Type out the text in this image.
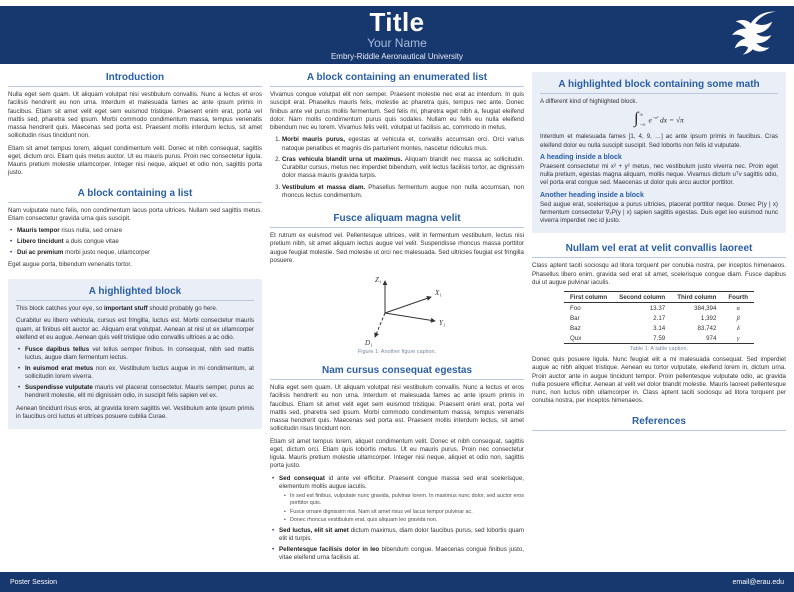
Title
Your Name
Embry-Riddle Aeronautical University
Introduction

Nulla eget sem quam. Ut aliquam volutpat nisi vestibulum convallis. Nunc a lectus et eros facilisis hendrerit eu non urna. Interdum et malesuada fames ac ante ipsum primis in faucibus. Etiam sit amet velit eget sem euismod tristique. Praesent enim erat, porta vel mattis sed, pharetra sed ipsum. Morbi commodo condimentum massa, tempus venenatis massa hendrerit quis. Maecenas sed porta est. Praesent mollis interdum lectus, sit amet sollicitudin risus tincidunt non.

Etiam sit amet tempus lorem, aliquet condimentum velit. Donec et nibh consequat, sagittis eget, dictum orci. Etiam quis metus auctor. Ut eu mauris purus. Proin nec consectetur ligula. Mauris pretium molestie ullamcorper. Integer nisi neque, aliquet et odio non, sagittis porta justo.

A block containing a list

Nam vulputate nunc felis, non condimentum lacus porta ultrices. Nullam sed sagittis metus. Etiam consectetur gravida urna quis suscipit.

• Mauris tempor risus nulla, sed ornare
• Libero tincidunt a duis congue vitae
• Dui ac premium morbi justo neque, ullamcorper

Eget augue porta, bibendum venenatis tortor.

A highlighted block

This block catches your eye, so important stuff should probably go here.

Curabitur eu libero vehicula, cursus est fringilla, luctus est. Morbi consectetur mauris quam, at finibus elit auctor ac. Aliquam erat volutpat. Aenean at nisl ut ex ullamcorper eleifend et eu augue. Aenean quis velit tristique odio convallis ultrices a ac odio.

• Fusce dapibus tellus vel tellus semper finibus. In consequat, nibh sed mattis luctus, augue diam fermentum lectus.
• In euismod erat metus non ex. Vestibulum luctus augue in mi condimentum, at sollicitudin lorem viverra.
• Suspendisse vulputate mauris vel placerat consectetur. Mauris semper, purus ac hendrerit molestie, elit mi dignissim odio, in suscipit felis sapien vel ex.

Aenean tincidunt risus eros, at gravida lorem sagittis vel. Vestibulum ante ipsum primis in faucibus orci luctus et ultrices posuere cubilia Curae.

A block containing an enumerated list

Vivamus congue volutpat elit non semper. Praesent molestie nec erat ac interdum. In quis suscipit erat. Phasellus mauris felis, molestie ac pharetra quis, tempus nec ante. Donec finibus ante vel purus mollis fermentum. Sed felis mi, pharetra eget nibh a, feugiat eleifend dolor. Nam mollis condimentum purus quis sodales. Nullam eu felis eu nulla eleifend bibendum nec eu lorem. Vivamus felis velit, volutpat ut facilisis ac, commodo in metus.

1. Morbi mauris purus, egestas at vehicula et, convallis accumsan orci. Orci varius natoque penatibus et magnis dis parturient montes, nascetur ridiculus mus.
2. Cras vehicula blandit urna ut maximus. Aliquam blandit nec massa ac sollicitudin. Curabitur cursus, metus nec imperdiet bibendum, velit lectus facilisis tortor, ac dignissim dolor massa mauris gravida turpis.
3. Vestibulum et massa diam. Phasellus fermentum augue non nulla accumsan, non rhoncus lectus condimentum.
Fusce aliquam magna velit

Et rutrum ex euismod vel. Pellentesque ultrices, velit in fermentum vestibulum, lectus nisi pretium nibh, sit amet aliquam lectus augue vel velit. Suspendisse rhoncus massa porttitor augue feugiat molestie. Sed molestie ut orci nec malesuada. Sed ultricies feugiat est fringilla posuere.

Z₁
X₁
Y₁
D₁
Figure 1: Another figure caption.
Nam cursus consequat egestas

Nulla eget sem quam. Ut aliquam volutpat nisi vestibulum convallis. Nunc a lectus et eros facilisis hendrerit eu non urna. Interdum et malesuada fames ac ante ipsum primis in faucibus. Etiam sit amet velit eget sem euismod tristique. Praesent enim erat, porta vel mattis sed, pharetra sed ipsum. Morbi commodo condimentum massa, tempus venenatis massa hendrerit quis. Maecenas sed porta est. Praesent mollis interdum lectus, sit amet sollicitudin risus tincidunt non.

Etiam sit amet tempus lorem, aliquet condimentum velit. Donec et nibh consequat, sagittis eget, dictum orci. Etiam quis lobortis metus. Ut eu mauris purus. Proin nec consectetur ligula. Mauris pretium molestie ullamcorper. Integer nisi neque, aliquet et odio non, sagittis porta justo.

• Sed consequat id ante vel efficitur. Praesent congue massa sed erat scelerisque, elementum mollis augue iaculis.
• In sed est finibus, vulputate nunc gravida, pulvinar lorem. In maximus nunc dolor, sed auctor eros porttitor quis.
• Fusce ornare dignissim nisi. Nam sit amet risus vel lacus tempor pulvinar ac.
• Donec rhoncus vestibulum erat, quis aliquam leo gravida non.
• Sed luctus, elit sit amet dictum maximus, diam dolor faucibus purus, sed lobortis quam elit id turpis.
• Pellentesque facilisis dolor in leo bibendum congue. Maecenas congue finibus justo, vitae eleifend urna facilisis at.
A highlighted block containing some math

A different kind of highlighted block.

∫ ∞
−∞
$e^{-x^2}$ dx = √π

Interdum et malesuada fames [1, 4, 9, …] ac ante ipsum primis in faucibus. Cras eleifend dolor eu nulla suscipit suscipit. Sed lobortis non felis id vulputate.

A heading inside a block

Praesent consectetur mi x² + y² metus, nec vestibulum justo viverra nec. Proin eget nulla pretium, egestas magna aliquam, mollis neque. Vivamus dictum uᵀv sagittis odio, vel porta erat congue sed. Maecenas ut dolor quis arcu auctor porttitor.

Another heading inside a block

Sed augue erat, scelerisque a purus ultricies, placerat porttitor neque. Donec P(y | x) fermentum consectetur ∇ₓP(y | x) sapien sagittis egestas. Duis eget leo euismod nunc viverra imperdiet nec id justo.

Nullam vel erat at velit convallis laoreet

Class aptent taciti sociosqu ad litora torquent per conubia nostra, per inceptos himenaeos. Phasellus libero enim, gravida sed erat sit amet, scelerisque congue diam. Fusce dapibus dui ut augue pulvinar iaculis.

First column	Second column	Third column	Fourth
Foo	13.37	384,394	α
Bar	2.17	1,392	β
Baz	3.14	83,742	δ
Qux	7.59	974	γ
Table 1: A table caption.

Donec quis posuere ligula. Nunc feugiat elit a mi malesuada consequat. Sed imperdiet augue ac nibh aliquet tristique. Aenean eu tortor vulputate, eleifend lorem in, dictum urna. Proin auctor ante in augue tincidunt tempor. Proin pellentesque vulputate odio, ac gravida nulla posuere efficitur. Aenean at velit vel dolor blandit molestie. Mauris laoreet pellentesque nunc, non luctus nibh ullamcorper in. Class aptent taciti sociosqu ad litora torquent per conubia nostra, per inceptos himenaeos.

References
Poster Session	email@erau.edu
